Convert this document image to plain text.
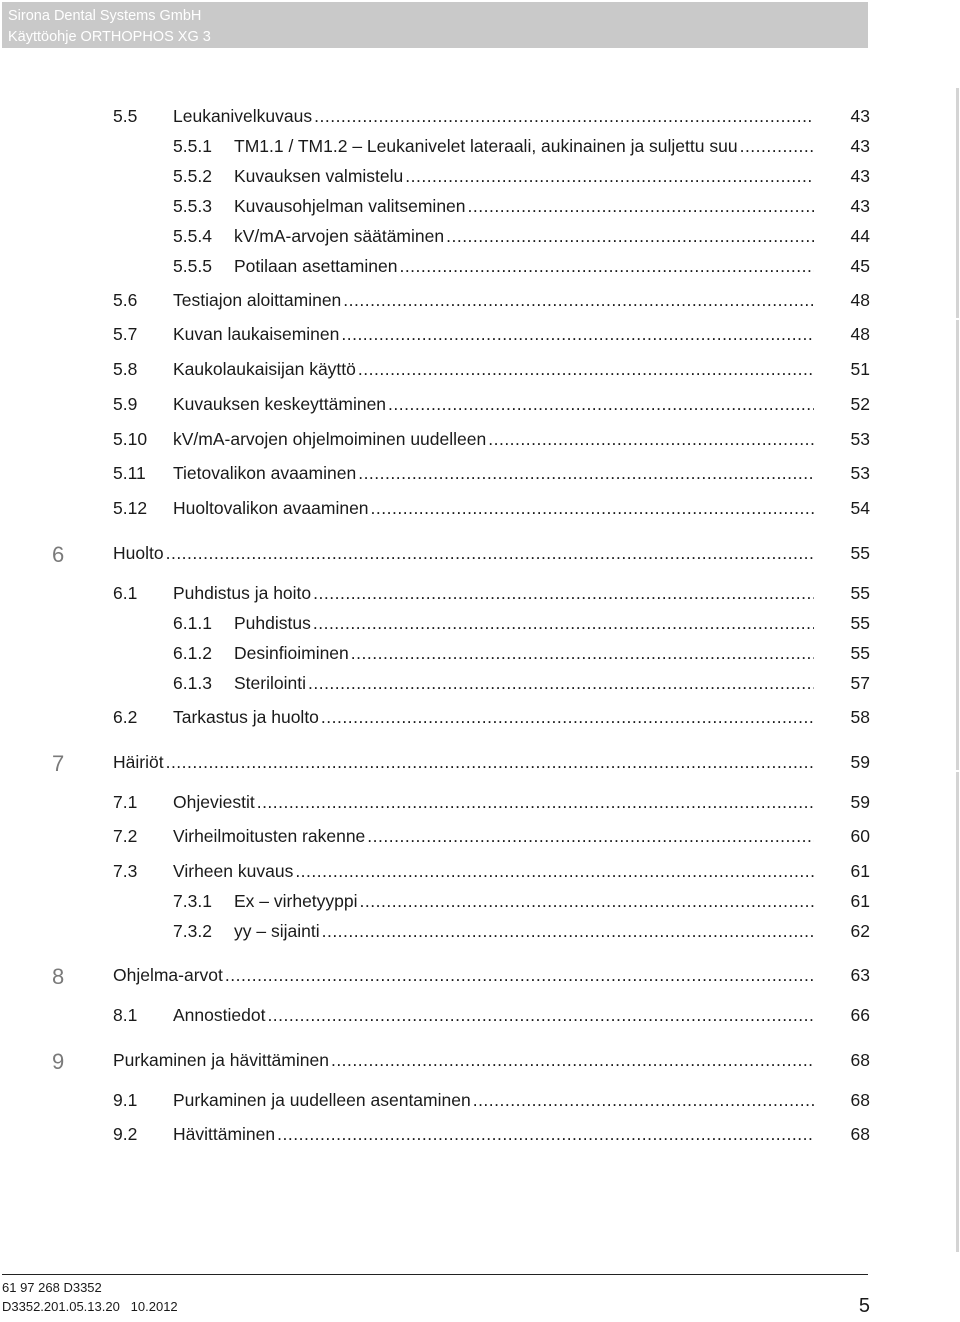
Sirona Dental Systems GmbH
Käyttöohje ORTHOPHOS XG 3
5.5 Leukanivelkuvaus .....	43
5.5.1 TM1.1 / TM1.2 – Leukanivelet lateraali, aukinainen ja suljettu suu .....	43
5.5.2 Kuvauksen valmistelu .....	43
5.5.3 Kuvausohjelman valitseminen .....	43
5.5.4 kV/mA-arvojen säätäminen .....	44
5.5.5 Potilaan asettaminen .....	45
5.6 Testiajon aloittaminen .....	48
5.7 Kuvan laukaiseminen .....	48
5.8 Kaukolaukaisijan käyttö .....	51
5.9 Kuvauksen keskeyttäminen .....	52
5.10 kV/mA-arvojen ohjelmoiminen uudelleen .....	53
5.11 Tietovalikon avaaminen .....	53
5.12 Huoltovalikon avaaminen .....	54
6	Huolto .....	55
6.1 Puhdistus ja hoito .....	55
6.1.1 Puhdistus .....	55
6.1.2 Desinfioiminen .....	55
6.1.3 Sterilointi .....	57
6.2 Tarkastus ja huolto .....	58
7	Häiriöt .....	59
7.1 Ohjeviestit .....	59
7.2 Virheilmoitusten rakenne .....	60
7.3 Virheen kuvaus .....	61
7.3.1 Ex – virhetyyppi .....	61
7.3.2 yy – sijainti .....	62
8	Ohjelma-arvot .....	63
8.1 Annostiedot .....	66
9	Purkaminen ja hävittäminen .....	68
9.1 Purkaminen ja uudelleen asentaminen .....	68
9.2 Hävittäminen .....	68
61 97 268 D3352
D3352.201.05.13.20 10.2012	5
